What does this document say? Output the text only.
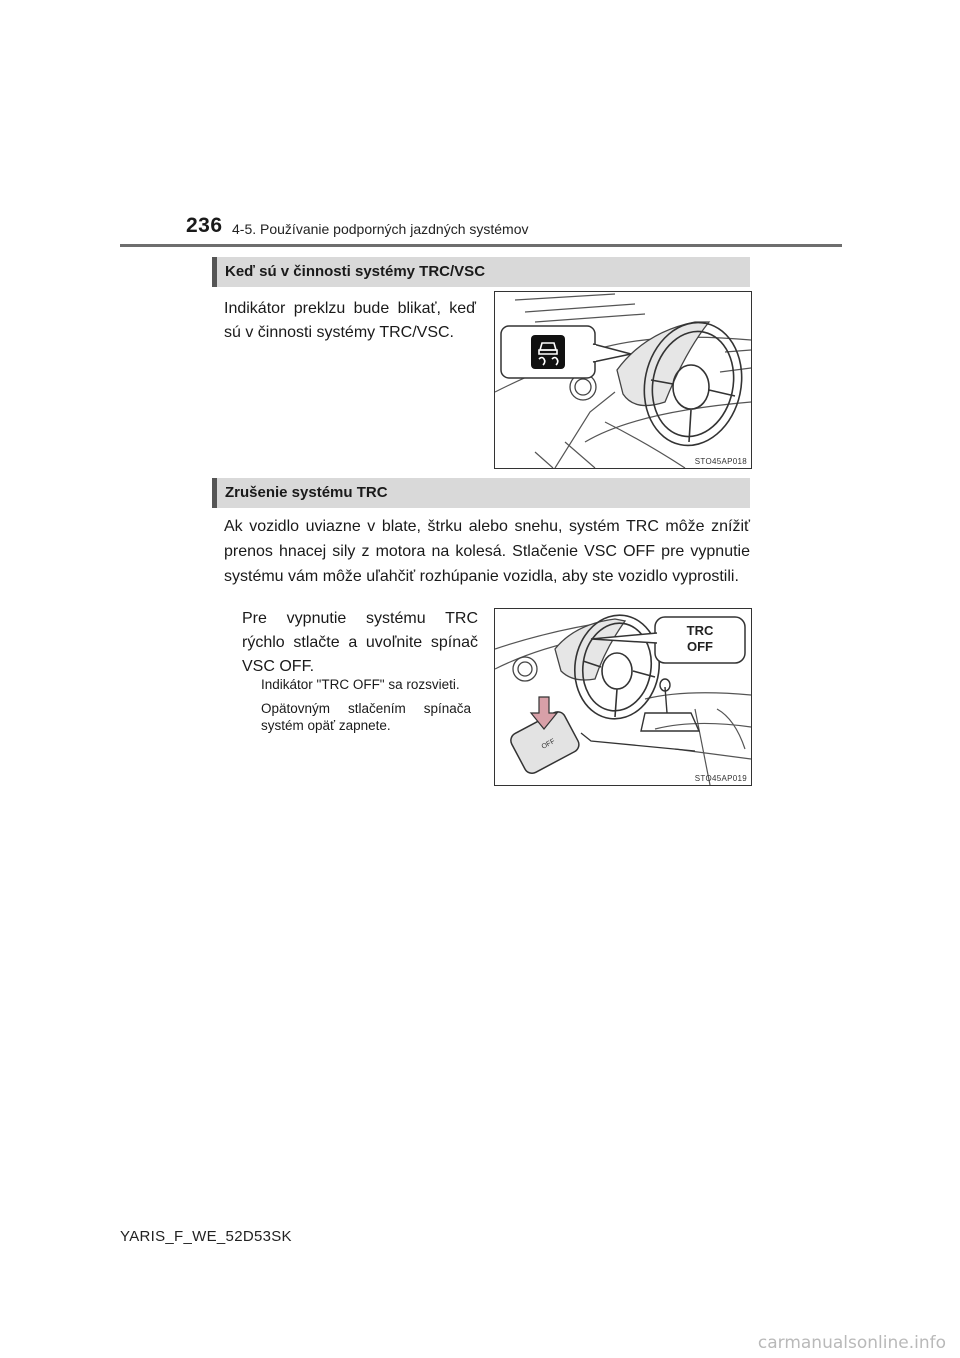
236 4-5. Používanie podporných jazdných systémov
Keď sú v činnosti systémy TRC/VSC
Indikátor preklzu bude blikať, keď sú v činnosti systémy TRC/VSC.
STO45AP018
Zrušenie systému TRC
Ak vozidlo uviazne v blate, štrku alebo snehu, systém TRC môže znížiť prenos hnacej sily z motora na kolesá. Stlačenie VSC OFF pre vypnutie systému vám môže uľahčiť rozhúpanie vozidla, aby ste vozidlo vyprostili.
Pre vypnutie systému TRC rýchlo stlačte a uvoľnite spínač VSC OFF.
Indikátor "TRC OFF" sa rozsvieti.
Opätovným stlačením spínača systém opäť zapnete.
OFF
TRC
OFF
STO45AP019
YARIS_F_WE_52D53SK
carmanualsonline.info
